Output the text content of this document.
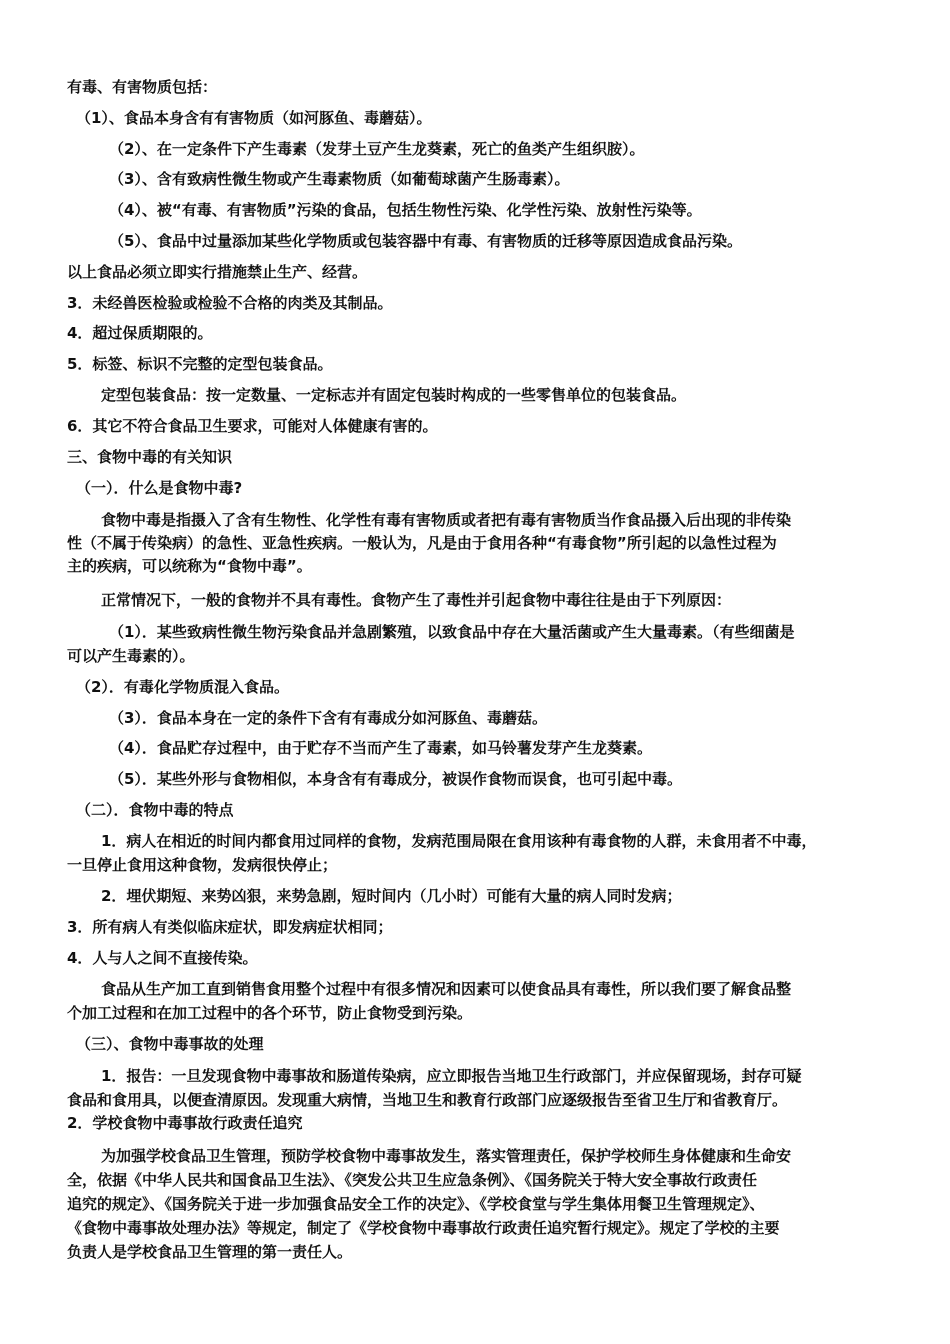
有毒、有害物质包括：
（1）、食品本身含有有害物质（如河豚鱼、毒蘑菇）。
（2）、在一定条件下产生毒素（发芽土豆产生龙葵素，死亡的鱼类产生组织胺）。
（3）、含有致病性微生物或产生毒素物质（如葡萄球菌产生肠毒素）。
（4）、被“有毒、有害物质”污染的食品，包括生物性污染、化学性污染、放射性污染等。
（5）、食品中过量添加某些化学物质或包装容器中有毒、有害物质的迁移等原因造成食品污染。
以上食品必须立即实行措施禁止生产、经营。
3．未经兽医检验或检验不合格的肉类及其制品。
4．超过保质期限的。
5．标签、标识不完整的定型包装食品。
定型包装食品：按一定数量、一定标志并有固定包装时构成的一些零售单位的包装食品。
6．其它不符合食品卫生要求，可能对人体健康有害的。
三、食物中毒的有关知识
（一）．什么是食物中毒?
食物中毒是指摄入了含有生物性、化学性有毒有害物质或者把有毒有害物质当作食品摄入后出现的非传染
性（不属于传染病）的急性、亚急性疾病。一般认为，凡是由于食用各种“有毒食物”所引起的以急性过程为
主的疾病，可以统称为“食物中毒”。
正常情况下，一般的食物并不具有毒性。食物产生了毒性并引起食物中毒往往是由于下列原因：
（1）．某些致病性微生物污染食品并急剧繁殖，以致食品中存在大量活菌或产生大量毒素。（有些细菌是
可以产生毒素的）。
（2）．有毒化学物质混入食品。
（3）．食品本身在一定的条件下含有有毒成分如河豚鱼、毒蘑菇。
（4）．食品贮存过程中，由于贮存不当而产生了毒素，如马铃薯发芽产生龙葵素。
（5）．某些外形与食物相似，本身含有有毒成分，被误作食物而误食，也可引起中毒。
（二）．食物中毒的特点
1．病人在相近的时间内都食用过同样的食物，发病范围局限在食用该种有毒食物的人群，未食用者不中毒，
一旦停止食用这种食物，发病很快停止；
2．埋伏期短、来势凶狠，来势急剧，短时间内（几小时）可能有大量的病人同时发病；
3．所有病人有类似临床症状，即发病症状相同；
4．人与人之间不直接传染。
食品从生产加工直到销售食用整个过程中有很多情况和因素可以使食品具有毒性，所以我们要了解食品整
个加工过程和在加工过程中的各个环节，防止食物受到污染。
（三）、食物中毒事故的处理
1．报告：一旦发现食物中毒事故和肠道传染病，应立即报告当地卫生行政部门，并应保留现场，封存可疑
食品和食用具，以便查清原因。发现重大病情，当地卫生和教育行政部门应逐级报告至省卫生厅和省教育厅。
2．学校食物中毒事故行政责任追究
为加强学校食品卫生管理，预防学校食物中毒事故发生，落实管理责任，保护学校师生身体健康和生命安
全，依据《中华人民共和国食品卫生法》、《突发公共卫生应急条例》、《国务院关于特大安全事故行政责任
追究的规定》、《国务院关于进一步加强食品安全工作的决定》、《学校食堂与学生集体用餐卫生管理规定》、
《食物中毒事故处理办法》等规定，制定了《学校食物中毒事故行政责任追究暂行规定》。规定了学校的主要
负责人是学校食品卫生管理的第一责任人。
